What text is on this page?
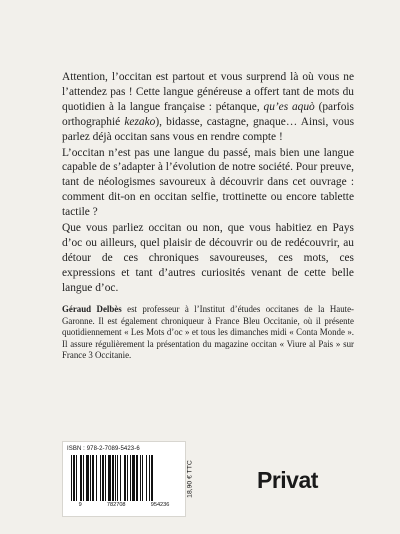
Attention, l’occitan est partout et vous surprend là où vous ne l’attendez pas ! Cette langue généreuse a offert tant de mots du quotidien à la langue française : pétanque, qu’es aquò (parfois orthographié kezako), bidasse, castagne, gnaque… Ainsi, vous parlez déjà occitan sans vous en rendre compte !

L’occitan n’est pas une langue du passé, mais bien une langue capable de s’adapter à l’évolution de notre société. Pour preuve, tant de néologismes savoureux à découvrir dans cet ouvrage : comment dit-on en occitan selfie, trottinette ou encore tablette tactile ?

Que vous parliez occitan ou non, que vous habitiez en Pays d’oc ou ailleurs, quel plaisir de découvrir ou de redécouvrir, au détour de ces chroniques savoureuses, ces mots, ces expressions et tant d’autres curiosités venant de cette belle langue d’oc.

Géraud Delbès est professeur à l’Institut d’études occitanes de la Haute-Garonne. Il est également chroniqueur à France Bleu Occitanie, où il présente quotidiennement « Les Mots d’oc » et tous les dimanches midi « Conta Monde ». Il assure régulièrement la présentation du magazine occitan « Viure al Pais » sur France 3 Occitanie.
ISBN : 978-2-7089-5423-6
9	782708	954236
18,90 € TTC	Privat
